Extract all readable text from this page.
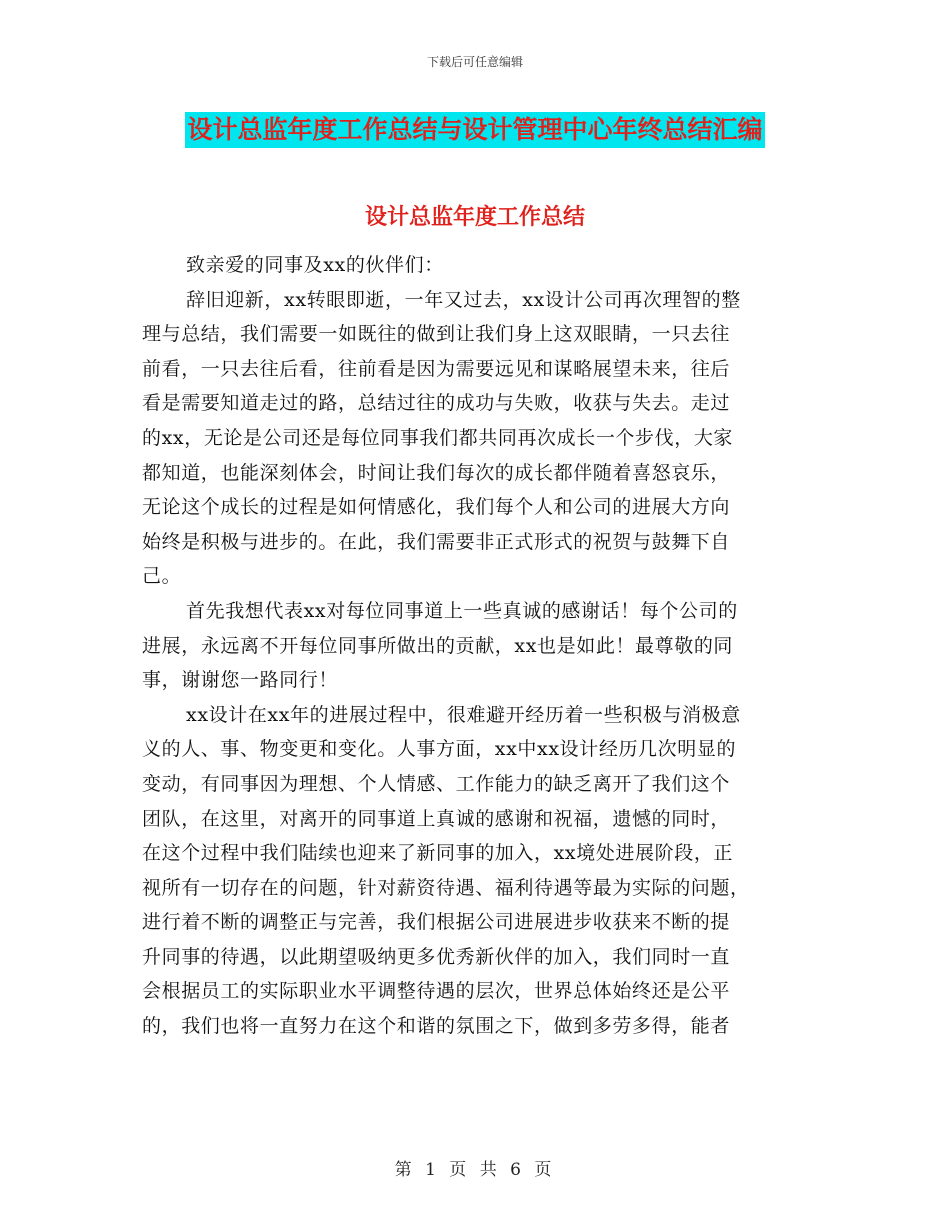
下载后可任意编辑
设计总监年度工作总结与设计管理中心年终总结汇编
设计总监年度工作总结
致亲爱的同事及xx的伙伴们：
辞旧迎新，xx转眼即逝，一年又过去，xx设计公司再次理智的整
理与总结，我们需要一如既往的做到让我们身上这双眼睛，一只去往
前看，一只去往后看，往前看是因为需要远见和谋略展望未来，往后
看是需要知道走过的路，总结过往的成功与失败，收获与失去。走过
的xx，无论是公司还是每位同事我们都共同再次成长一个步伐，大家
都知道，也能深刻体会，时间让我们每次的成长都伴随着喜怒哀乐，
无论这个成长的过程是如何情感化，我们每个人和公司的进展大方向
始终是积极与进步的。在此，我们需要非正式形式的祝贺与鼓舞下自
己。
首先我想代表xx对每位同事道上一些真诚的感谢话！每个公司的
进展，永远离不开每位同事所做出的贡献，xx也是如此！最尊敬的同
事，谢谢您一路同行！
xx设计在xx年的进展过程中，很难避开经历着一些积极与消极意
义的人、事、物变更和变化。人事方面，xx中xx设计经历几次明显的
变动，有同事因为理想、个人情感、工作能力的缺乏离开了我们这个
团队，在这里，对离开的同事道上真诚的感谢和祝福，遗憾的同时，
在这个过程中我们陆续也迎来了新同事的加入，xx境处进展阶段，正
视所有一切存在的问题，针对薪资待遇、福利待遇等最为实际的问题，
进行着不断的调整正与完善，我们根据公司进展进步收获来不断的提
升同事的待遇，以此期望吸纳更多优秀新伙伴的加入，我们同时一直
会根据员工的实际职业水平调整待遇的层次，世界总体始终还是公平
的，我们也将一直努力在这个和谐的氛围之下，做到多劳多得，能者
第 1 页 共 6 页
